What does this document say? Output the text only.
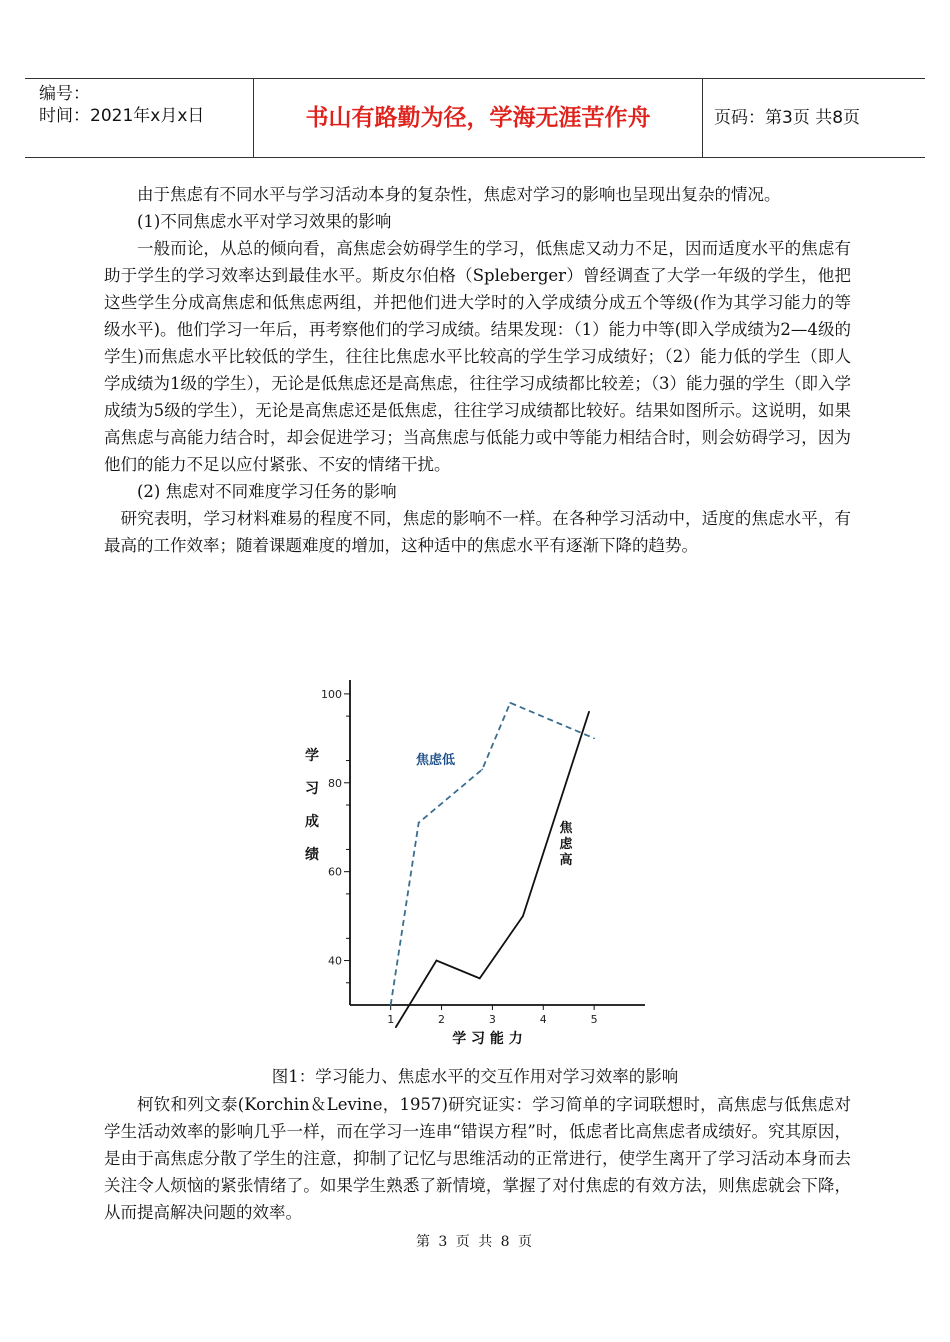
编号：
时间：2021年x月x日	书山有路勤为径，学海无涯苦作舟	页码：第3页 共8页

由于焦虑有不同水平与学习活动本身的复杂性，焦虑对学习的影响也呈现出复杂的情况。

(1)不同焦虑水平对学习效果的影响

一般而论，从总的倾向看，高焦虑会妨碍学生的学习，低焦虑又动力不足，因而适度水平的焦虑有助于学生的学习效率达到最佳水平。斯皮尔伯格（Spleberger）曾经调查了大学一年级的学生，他把这些学生分成高焦虑和低焦虑两组，并把他们进大学时的入学成绩分成五个等级(作为其学习能力的等级水平)。他们学习一年后，再考察他们的学习成绩。结果发现：（1）能力中等(即入学成绩为2—4级的学生)而焦虑水平比较低的学生，往往比焦虑水平比较高的学生学习成绩好；（2）能力低的学生（即人学成绩为1级的学生），无论是低焦虑还是高焦虑，往往学习成绩都比较差；（3）能力强的学生（即入学成绩为5级的学生），无论是高焦虑还是低焦虑，往往学习成绩都比较好。结果如图所示。这说明，如果高焦虑与高能力结合时，却会促进学习；当高焦虑与低能力或中等能力相结合时，则会妨碍学习，因为他们的能力不足以应付紧张、不安的情绪干扰。

(2) 焦虑对不同难度学习任务的影响

研究表明，学习材料难易的程度不同，焦虑的影响不一样。在各种学习活动中，适度的焦虑水平，有最高的工作效率；随着课题难度的增加，这种适中的焦虑水平有逐渐下降的趋势。

40
60
80
100
1	2	3	4	5
学 习 能 力
学
习
成
绩
焦虑低
焦
虑
高
图1：学习能力、焦虑水平的交互作用对学习效率的影响

柯钦和列文泰(Korchin＆Levine，1957)研究证实：学习简单的字词联想时，高焦虑与低焦虑对学生活动效率的影响几乎一样，而在学习一连串“错误方程”时，低虑者比高焦虑者成绩好。究其原因，是由于高焦虑分散了学生的注意，抑制了记忆与思维活动的正常进行，使学生离开了学习活动本身而去关注令人烦恼的紧张情绪了。如果学生熟悉了新情境，掌握了对付焦虑的有效方法，则焦虑就会下降，从而提高解决问题的效率。

第 3 页 共 8 页
